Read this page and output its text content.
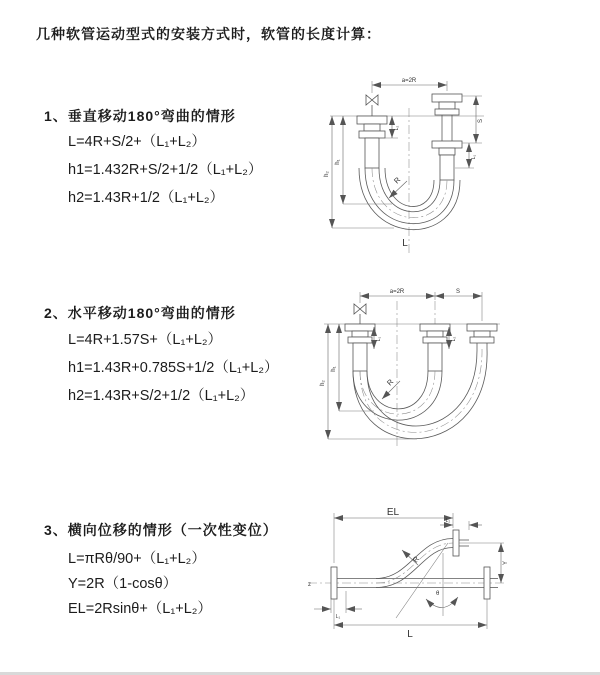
几种软管运动型式的安装方式时，软管的长度计算：
1、垂直移动180°弯曲的情形
L=4R+S/2+（L₁+L₂）
h1=1.432R+S/2+1/2（L₁+L₂）
h2=1.43R+1/2（L₁+L₂）
a=2R
R
h₂
h₁
L₂
S
L₁
L
2、水平移动180°弯曲的情形
L=4R+1.57S+（L₁+L₂）
h1=1.43R+0.785S+1/2（L₁+L₂）
h2=1.43R+S/2+1/2（L₁+L₂）
a=2R	S
R
h₂
h₁
L₁	L₂
3、横向位移的情形（一次性变位）
L=πRθ/90+（L₁+L₂）
Y=2R（1-cosθ）
EL=2Rsinθ+（L₁+L₂）
z
θ
R
EL
L₂
Y
L
L₁
